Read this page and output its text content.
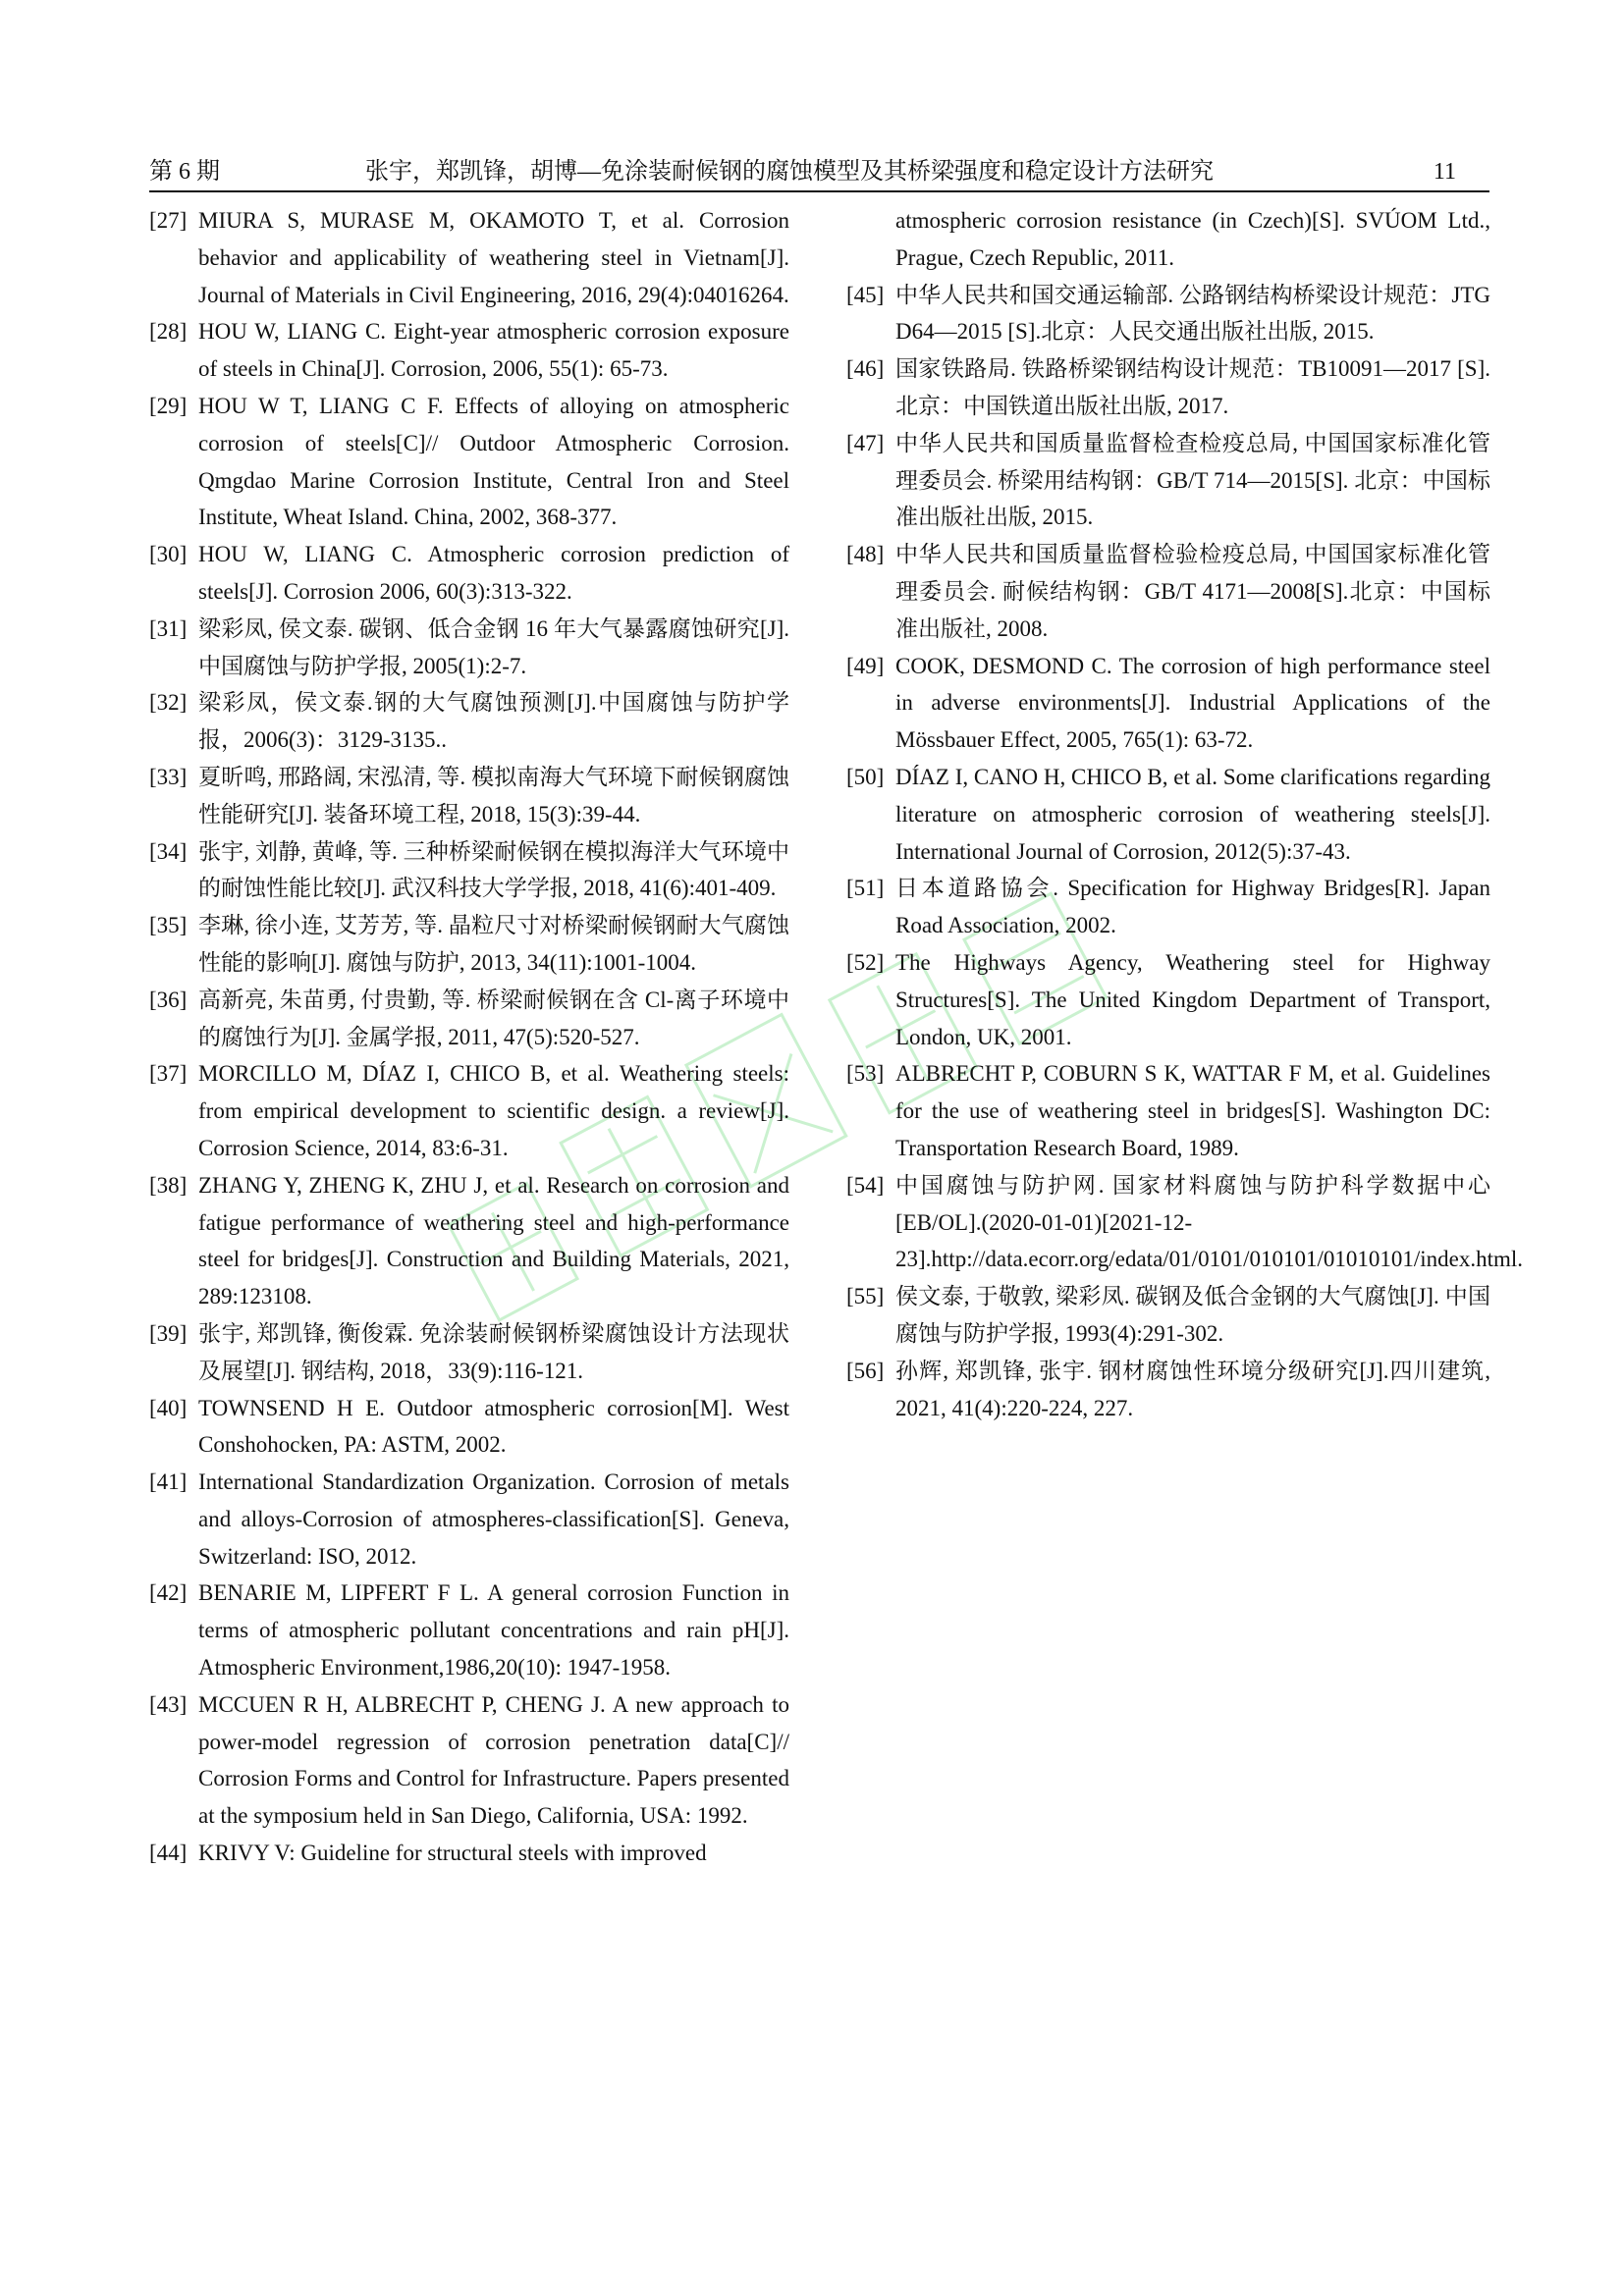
第 6 期	张宇，郑凯锋，胡博—免涂装耐候钢的腐蚀模型及其桥梁强度和稳定设计方法研究	11
[27] MIURA S, MURASE M, OKAMOTO T, et al. Corrosion behavior and applicability of weathering steel in Vietnam[J]. Journal of Materials in Civil Engineering, 2016, 29(4):04016264.
[28] HOU W, LIANG C. Eight-year atmospheric corrosion exposure of steels in China[J]. Corrosion, 2006, 55(1): 65-73.
[29] HOU W T, LIANG C F. Effects of alloying on atmospheric corrosion of steels[C]// Outdoor Atmospheric Corrosion. Qmgdao Marine Corrosion Institute, Central Iron and Steel Institute, Wheat Island. China, 2002, 368-377.
[30] HOU W, LIANG C. Atmospheric corrosion prediction of steels[J]. Corrosion 2006, 60(3):313-322.
[31] 梁彩凤, 侯文泰. 碳钢、低合金钢 16 年大气暴露腐蚀研究[J].中国腐蚀与防护学报, 2005(1):2-7.
[32] 梁彩凤，侯文泰.钢的大气腐蚀预测[J].中国腐蚀与防护学报，2006(3)：3129-3135..
[33] 夏昕鸣, 邢路阔, 宋泓清, 等. 模拟南海大气环境下耐候钢腐蚀性能研究[J]. 装备环境工程, 2018, 15(3):39-44.
[34] 张宇, 刘静, 黄峰, 等. 三种桥梁耐候钢在模拟海洋大气环境中的耐蚀性能比较[J]. 武汉科技大学学报, 2018, 41(6):401-409.
[35] 李琳, 徐小连, 艾芳芳, 等. 晶粒尺寸对桥梁耐候钢耐大气腐蚀性能的影响[J]. 腐蚀与防护, 2013, 34(11):1001-1004.
[36] 高新亮, 朱苗勇, 付贵勤, 等. 桥梁耐候钢在含 Cl-离子环境中的腐蚀行为[J]. 金属学报, 2011, 47(5):520-527.
[37] MORCILLO M, DÍAZ I, CHICO B, et al. Weathering steels: from empirical development to scientific design. a review[J]. Corrosion Science, 2014, 83:6-31.
[38] ZHANG Y, ZHENG K, ZHU J, et al. Research on corrosion and fatigue performance of weathering steel and high-performance steel for bridges[J]. Construction and Building Materials, 2021, 289:123108.
[39] 张宇, 郑凯锋, 衡俊霖. 免涂装耐候钢桥梁腐蚀设计方法现状及展望[J]. 钢结构, 2018，33(9):116-121.
[40] TOWNSEND H E. Outdoor atmospheric corrosion[M]. West Conshohocken, PA: ASTM, 2002.
[41] International Standardization Organization. Corrosion of metals and alloys-Corrosion of atmospheres-classification[S]. Geneva, Switzerland: ISO, 2012.
[42] BENARIE M, LIPFERT F L. A general corrosion Function in terms of atmospheric pollutant concentrations and rain pH[J]. Atmospheric Environment,1986,20(10): 1947-1958.
[43] MCCUEN R H, ALBRECHT P, CHENG J. A new approach to power-model regression of corrosion penetration data[C]// Corrosion Forms and Control for Infrastructure. Papers presented at the symposium held in San Diego, California, USA: 1992.
[44] KRIVY V: Guideline for structural steels with improved
atmospheric corrosion resistance (in Czech)[S]. SVÚOM Ltd., Prague, Czech Republic, 2011.
[45] 中华人民共和国交通运输部. 公路钢结构桥梁设计规范：JTG D64—2015 [S].北京：人民交通出版社出版, 2015.
[46] 国家铁路局. 铁路桥梁钢结构设计规范：TB10091—2017 [S].北京：中国铁道出版社出版, 2017.
[47] 中华人民共和国质量监督检查检疫总局, 中国国家标准化管理委员会. 桥梁用结构钢：GB/T 714—2015[S]. 北京：中国标准出版社出版, 2015.
[48] 中华人民共和国质量监督检验检疫总局, 中国国家标准化管理委员会. 耐候结构钢：GB/T 4171—2008[S].北京：中国标准出版社, 2008.
[49] COOK, DESMOND C. The corrosion of high performance steel in adverse environments[J]. Industrial Applications of the Mössbauer Effect, 2005, 765(1): 63-72.
[50] DÍAZ I, CANO H, CHICO B, et al. Some clarifications regarding literature on atmospheric corrosion of weathering steels[J]. International Journal of Corrosion, 2012(5):37-43.
[51] 日本道路協会. Specification for Highway Bridges[R]. Japan Road Association, 2002.
[52] The Highways Agency, Weathering steel for Highway Structures[S]. The United Kingdom Department of Transport, London, UK, 2001.
[53] ALBRECHT P, COBURN S K, WATTAR F M, et al. Guidelines for the use of weathering steel in bridges[S]. Washington DC: Transportation Research Board, 1989.
[54] 中国腐蚀与防护网. 国家材料腐蚀与防护科学数据中心 [EB/OL].(2020-01-01)[2021-12-23].http://data.ecorr.org/edata/01/0101/010101/01010101/index.html.
[55] 侯文泰, 于敬敦, 梁彩凤. 碳钢及低合金钢的大气腐蚀[J]. 中国腐蚀与防护学报, 1993(4):291-302.
[56] 孙辉, 郑凯锋, 张宇. 钢材腐蚀性环境分级研究[J].四川建筑, 2021, 41(4):220-224, 227.
